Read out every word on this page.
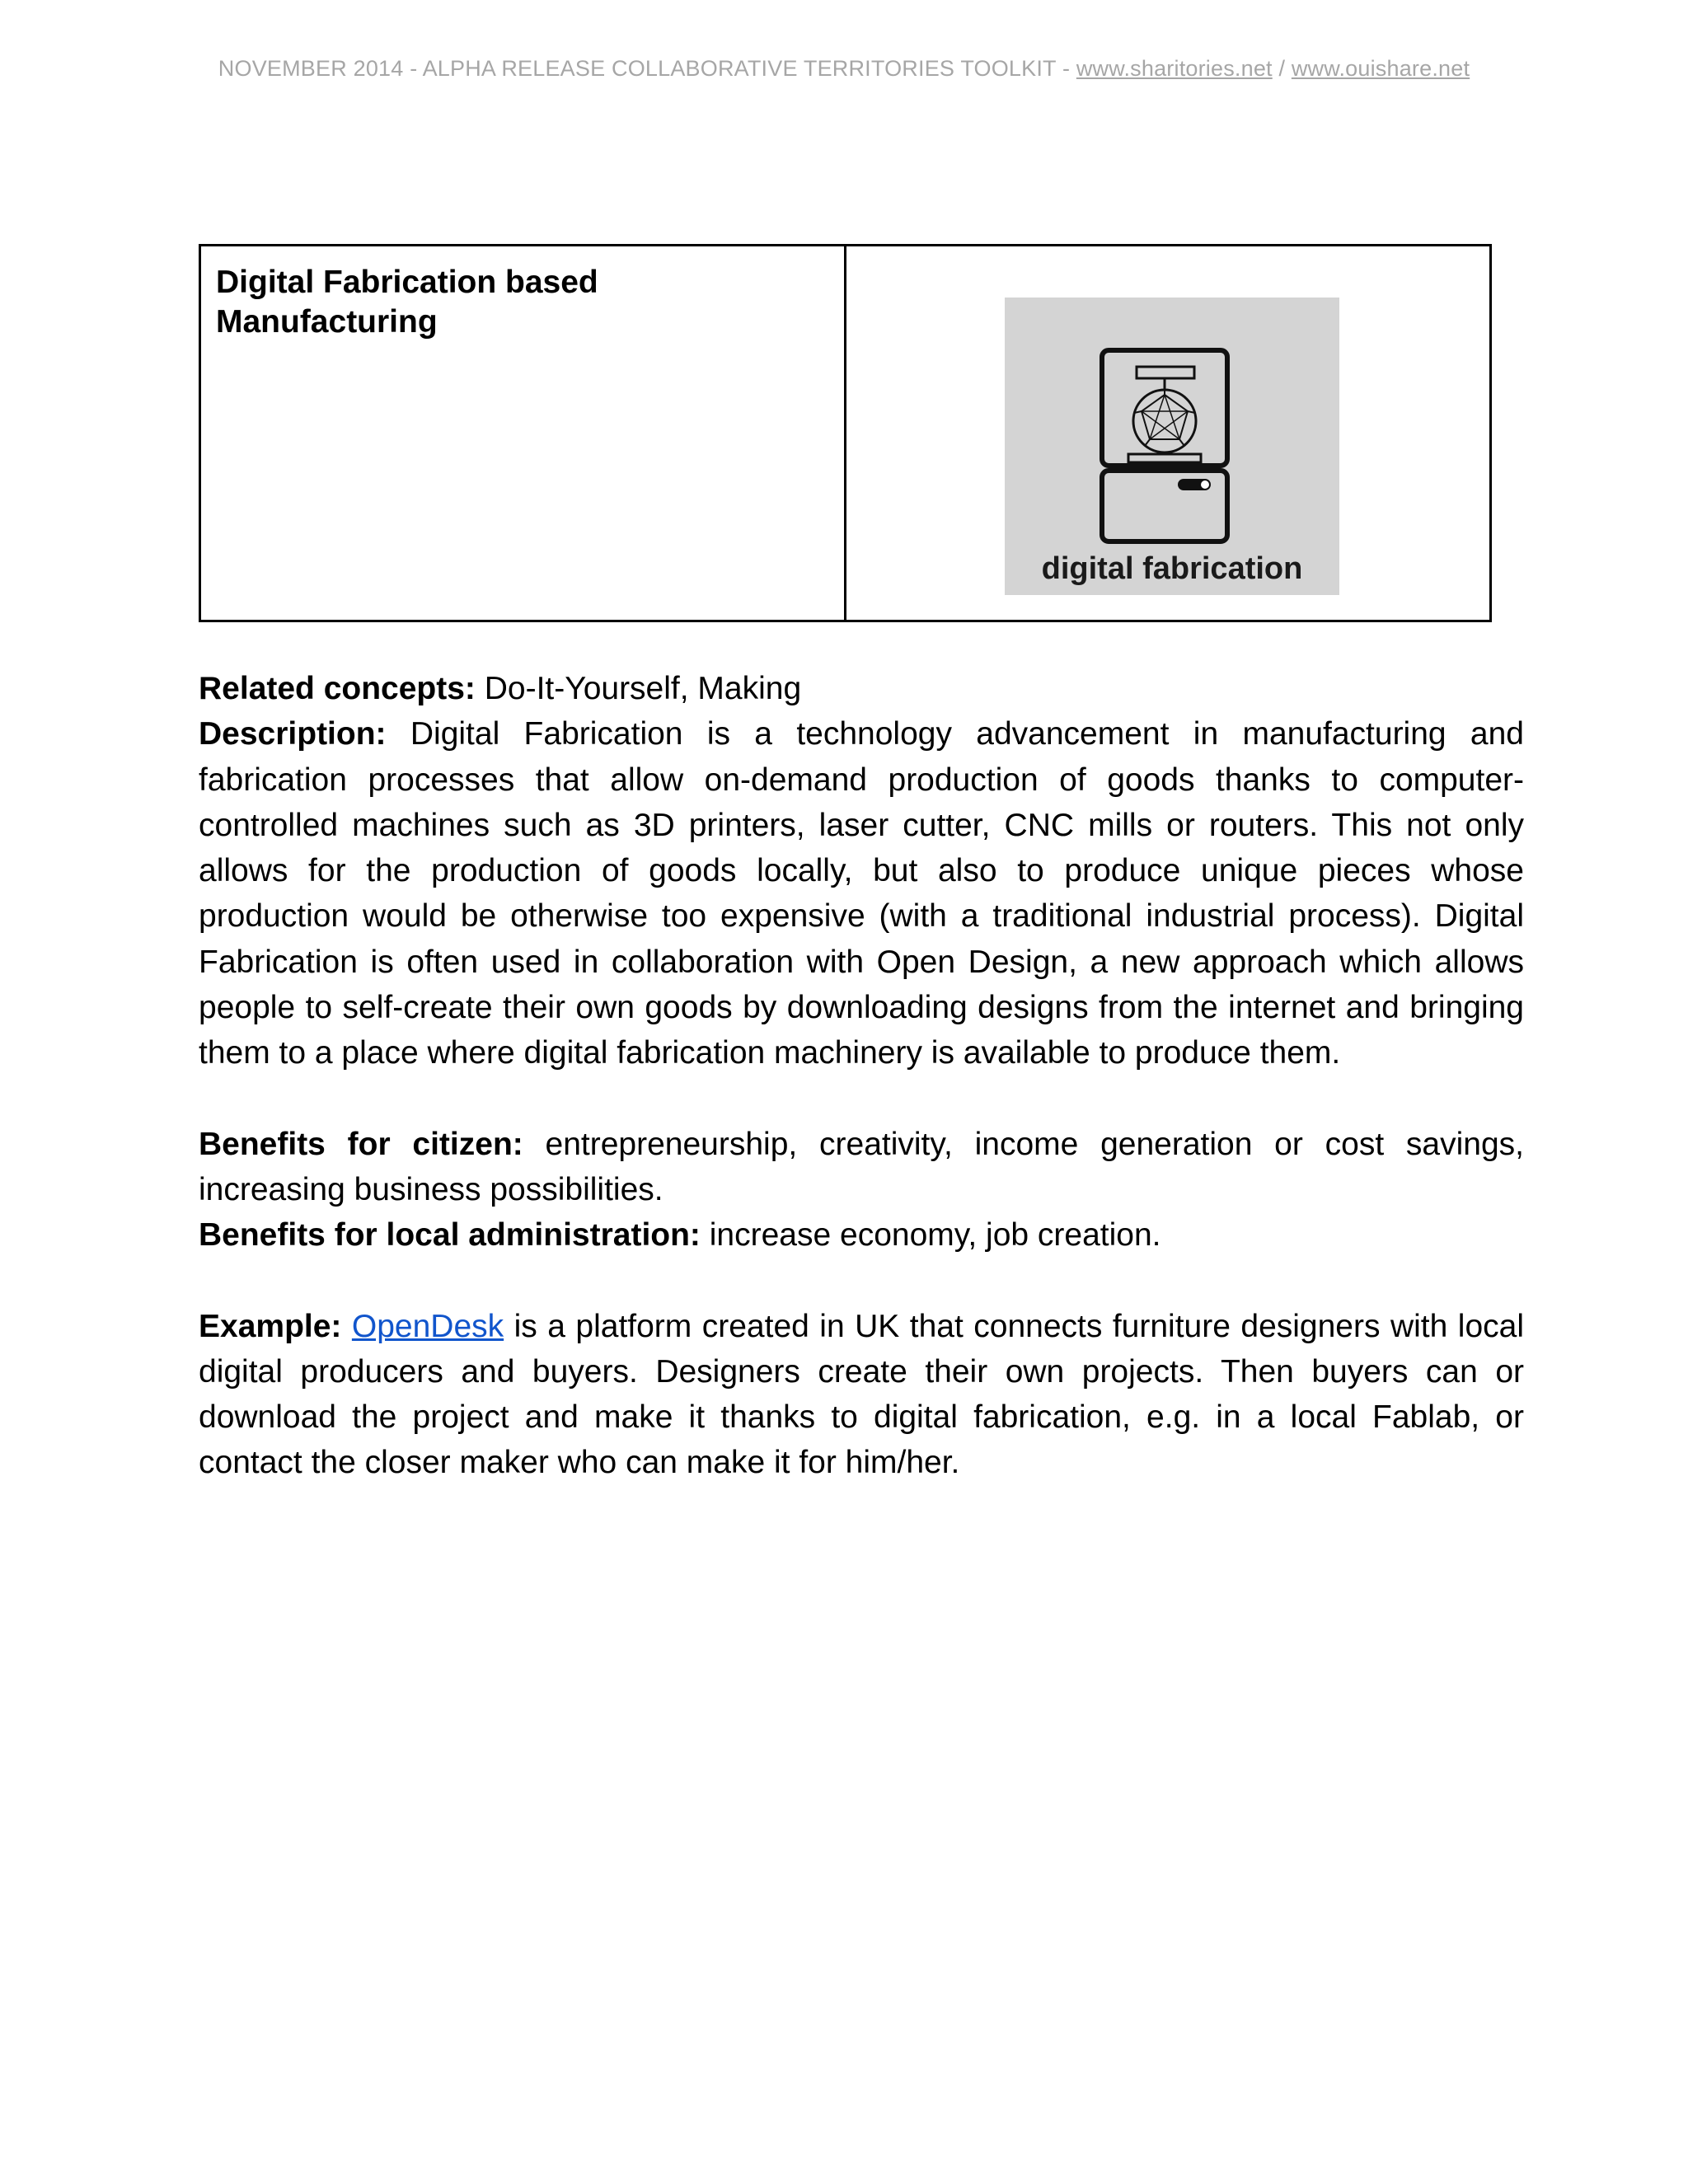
NOVEMBER 2014 - ALPHA RELEASE COLLABORATIVE TERRITORIES TOOLKIT - www.sharitories.net / www.ouishare.net
Digital Fabrication based Manufacturing
digital fabrication

Related concepts: Do-It-Yourself, Making

Description: Digital Fabrication is a technology advancement in manufacturing and fabrication processes that allow on-demand production of goods thanks to computer-controlled machines such as 3D printers, laser cutter, CNC mills or routers. This not only allows for the production of goods locally, but also to produce unique pieces whose production would be otherwise too expensive (with a traditional industrial process). Digital Fabrication is often used in collaboration with Open Design, a new approach which allows people to self-create their own goods by downloading designs from the internet and bringing them to a place where digital fabrication machinery is available to produce them.

Benefits for citizen: entrepreneurship, creativity, income generation or cost savings, increasing business possibilities.

Benefits for local administration: increase economy, job creation.

Example: OpenDesk is a platform created in UK that connects furniture designers with local digital producers and buyers. Designers create their own projects. Then buyers can or download the project and make it thanks to digital fabrication, e.g. in a local Fablab, or contact the closer maker who can make it for him/her.
